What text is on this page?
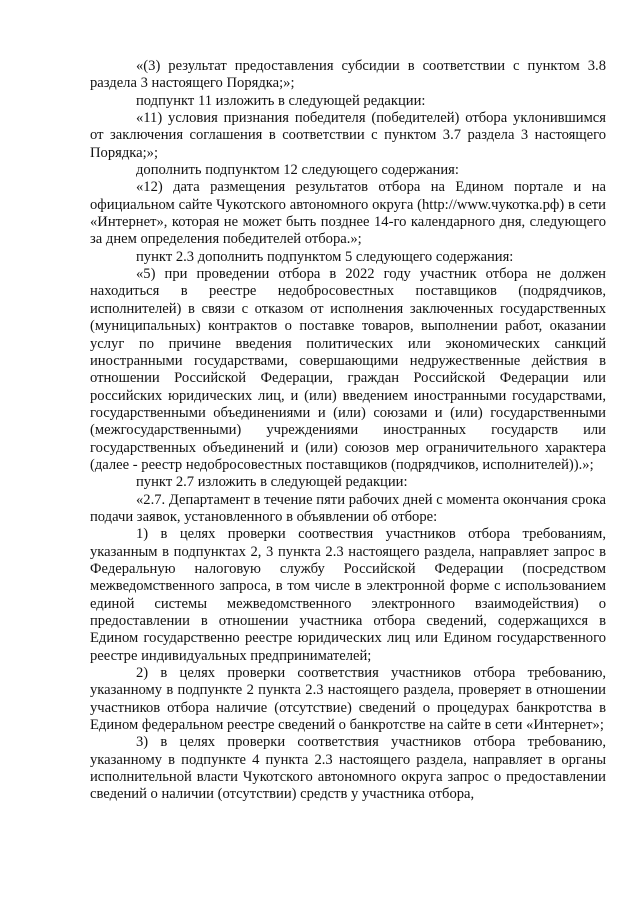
«(3) результат предоставления субсидии в соответствии с пунктом 3.8 раздела 3 настоящего Порядка;»;

подпункт 11 изложить в следующей редакции:

«11) условия признания победителя (победителей) отбора уклонившимся от заключения соглашения в соответствии с пунктом 3.7 раздела 3 настоящего Порядка;»;

дополнить подпунктом 12 следующего содержания:

«12) дата размещения результатов отбора на Едином портале и на официальном сайте Чукотского автономного округа (http://www.чукотка.рф) в сети «Интернет», которая не может быть позднее 14-го календарного дня, следующего за днем определения победителей отбора.»;

пункт 2.3 дополнить подпунктом 5 следующего содержания:

«5) при проведении отбора в 2022 году участник отбора не должен находиться в реестре недобросовестных поставщиков (подрядчиков, исполнителей) в связи с отказом от исполнения заключенных государственных (муниципальных) контрактов о поставке товаров, выполнении работ, оказании услуг по причине введения политических или экономических санкций иностранными государствами, совершающими недружественные действия в отношении Российской Федерации, граждан Российской Федерации или российских юридических лиц, и (или) введением иностранными государствами, государственными объединениями и (или) союзами и (или) государственными (межгосударственными) учреждениями иностранных государств или государственных объединений и (или) союзов мер ограничительного характера (далее - реестр недобросовестных поставщиков (подрядчиков, исполнителей)).»;

пункт 2.7 изложить в следующей редакции:

«2.7. Департамент в течение пяти рабочих дней с момента окончания срока подачи заявок, установленного в объявлении об отборе:

1) в целях проверки соотвествия участников отбора требованиям, указанным в подпунктах 2, 3 пункта 2.3 настоящего раздела, направляет запрос в Федеральную налоговую службу Российской Федерации (посредством межведомственного запроса, в том числе в электронной форме с использованием единой системы межведомственного электронного взаимодействия) о предоставлении в отношении участника отбора сведений, содержащихся в Едином государственно реестре юридических лиц или Едином государственного реестре индивидуальных предпринимателей;

2) в целях проверки соответствия участников отбора требованию, указанному в подпункте 2 пункта 2.3 настоящего раздела, проверяет в отношении участников отбора наличие (отсутствие) сведений о процедурах банкротства в Едином федеральном реестре сведений о банкротстве на сайте в сети «Интернет»;

3) в целях проверки соответствия участников отбора требованию, указанному в подпункте 4 пункта 2.3 настоящего раздела, направляет в органы исполнительной власти Чукотского автономного округа запрос о предоставлении сведений о наличии (отсутствии) средств у участника отбора,
